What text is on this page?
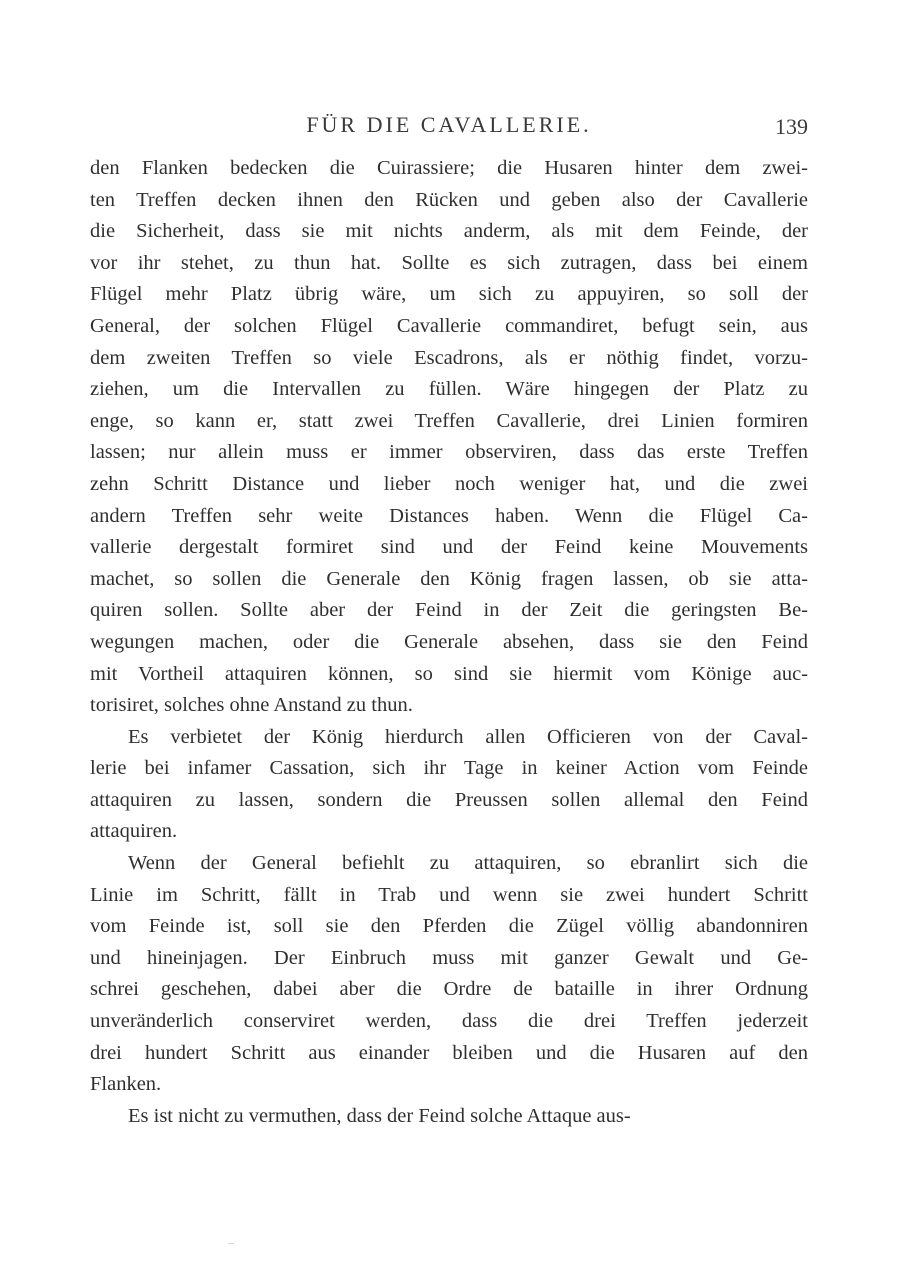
FÜR DIE CAVALLERIE.	139
den Flanken bedecken die Cuirassiere; die Husaren hinter dem zwei-
ten Treffen decken ihnen den Rücken und geben also der Cavallerie
die Sicherheit, dass sie mit nichts anderm, als mit dem Feinde, der
vor ihr stehet, zu thun hat. Sollte es sich zutragen, dass bei einem
Flügel mehr Platz übrig wäre, um sich zu appuyiren, so soll der
General, der solchen Flügel Cavallerie commandiret, befugt sein, aus
dem zweiten Treffen so viele Escadrons, als er nöthig findet, vorzu-
ziehen, um die Intervallen zu füllen. Wäre hingegen der Platz zu
enge, so kann er, statt zwei Treffen Cavallerie, drei Linien formiren
lassen; nur allein muss er immer observiren, dass das erste Treffen
zehn Schritt Distance und lieber noch weniger hat, und die zwei
andern Treffen sehr weite Distances haben. Wenn die Flügel Ca-
vallerie dergestalt formiret sind und der Feind keine Mouvements
machet, so sollen die Generale den König fragen lassen, ob sie atta-
quiren sollen. Sollte aber der Feind in der Zeit die geringsten Be-
wegungen machen, oder die Generale absehen, dass sie den Feind
mit Vortheil attaquiren können, so sind sie hiermit vom Könige auc-
torisiret, solches ohne Anstand zu thun.
Es verbietet der König hierdurch allen Officieren von der Caval-
lerie bei infamer Cassation, sich ihr Tage in keiner Action vom Feinde
attaquiren zu lassen, sondern die Preussen sollen allemal den Feind
attaquiren.
Wenn der General befiehlt zu attaquiren, so ebranlirt sich die
Linie im Schritt, fällt in Trab und wenn sie zwei hundert Schritt
vom Feinde ist, soll sie den Pferden die Zügel völlig abandonniren
und hineinjagen. Der Einbruch muss mit ganzer Gewalt und Ge-
schrei geschehen, dabei aber die Ordre de bataille in ihrer Ordnung
unveränderlich conserviret werden, dass die drei Treffen jederzeit
drei hundert Schritt aus einander bleiben und die Husaren auf den
Flanken.
Es ist nicht zu vermuthen, dass der Feind solche Attaque aus-
